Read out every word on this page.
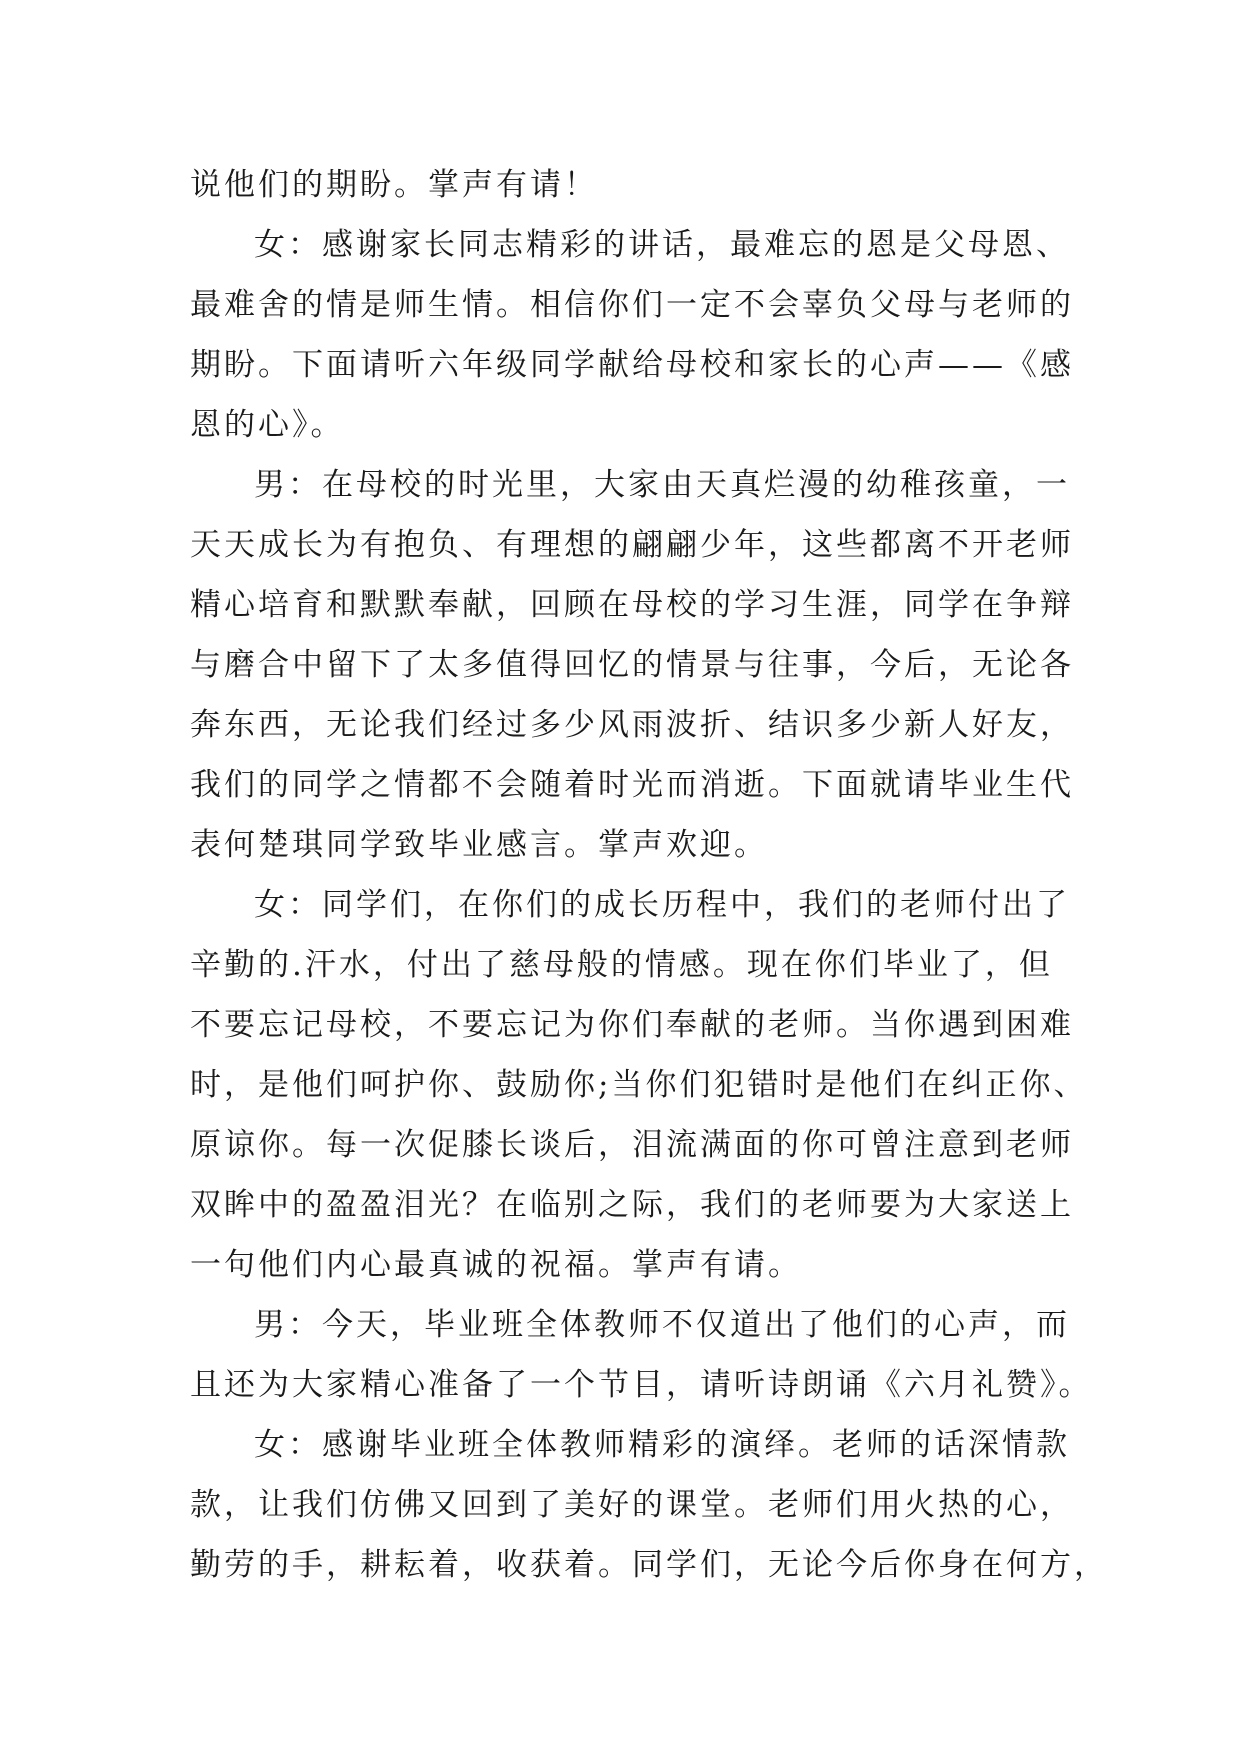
说他们的期盼。掌声有请！
女：感谢家长同志精彩的讲话，最难忘的恩是父母恩、
最难舍的情是师生情。相信你们一定不会辜负父母与老师的
期盼。下面请听六年级同学献给母校和家长的心声——《感
恩的心》。
男：在母校的时光里，大家由天真烂漫的幼稚孩童，一
天天成长为有抱负、有理想的翩翩少年，这些都离不开老师
精心培育和默默奉献，回顾在母校的学习生涯，同学在争辩
与磨合中留下了太多值得回忆的情景与往事，今后，无论各
奔东西，无论我们经过多少风雨波折、结识多少新人好友，
我们的同学之情都不会随着时光而消逝。下面就请毕业生代
表何楚琪同学致毕业感言。掌声欢迎。
女：同学们，在你们的成长历程中，我们的老师付出了
辛勤的.汗水，付出了慈母般的情感。现在你们毕业了，但
不要忘记母校，不要忘记为你们奉献的老师。当你遇到困难
时，是他们呵护你、鼓励你;当你们犯错时是他们在纠正你、
原谅你。每一次促膝长谈后，泪流满面的你可曾注意到老师
双眸中的盈盈泪光？在临别之际，我们的老师要为大家送上
一句他们内心最真诚的祝福。掌声有请。
男：今天，毕业班全体教师不仅道出了他们的心声，而
且还为大家精心准备了一个节目，请听诗朗诵《六月礼赞》。
女：感谢毕业班全体教师精彩的演绎。老师的话深情款
款，让我们仿佛又回到了美好的课堂。老师们用火热的心，
勤劳的手，耕耘着，收获着。同学们，无论今后你身在何方，
